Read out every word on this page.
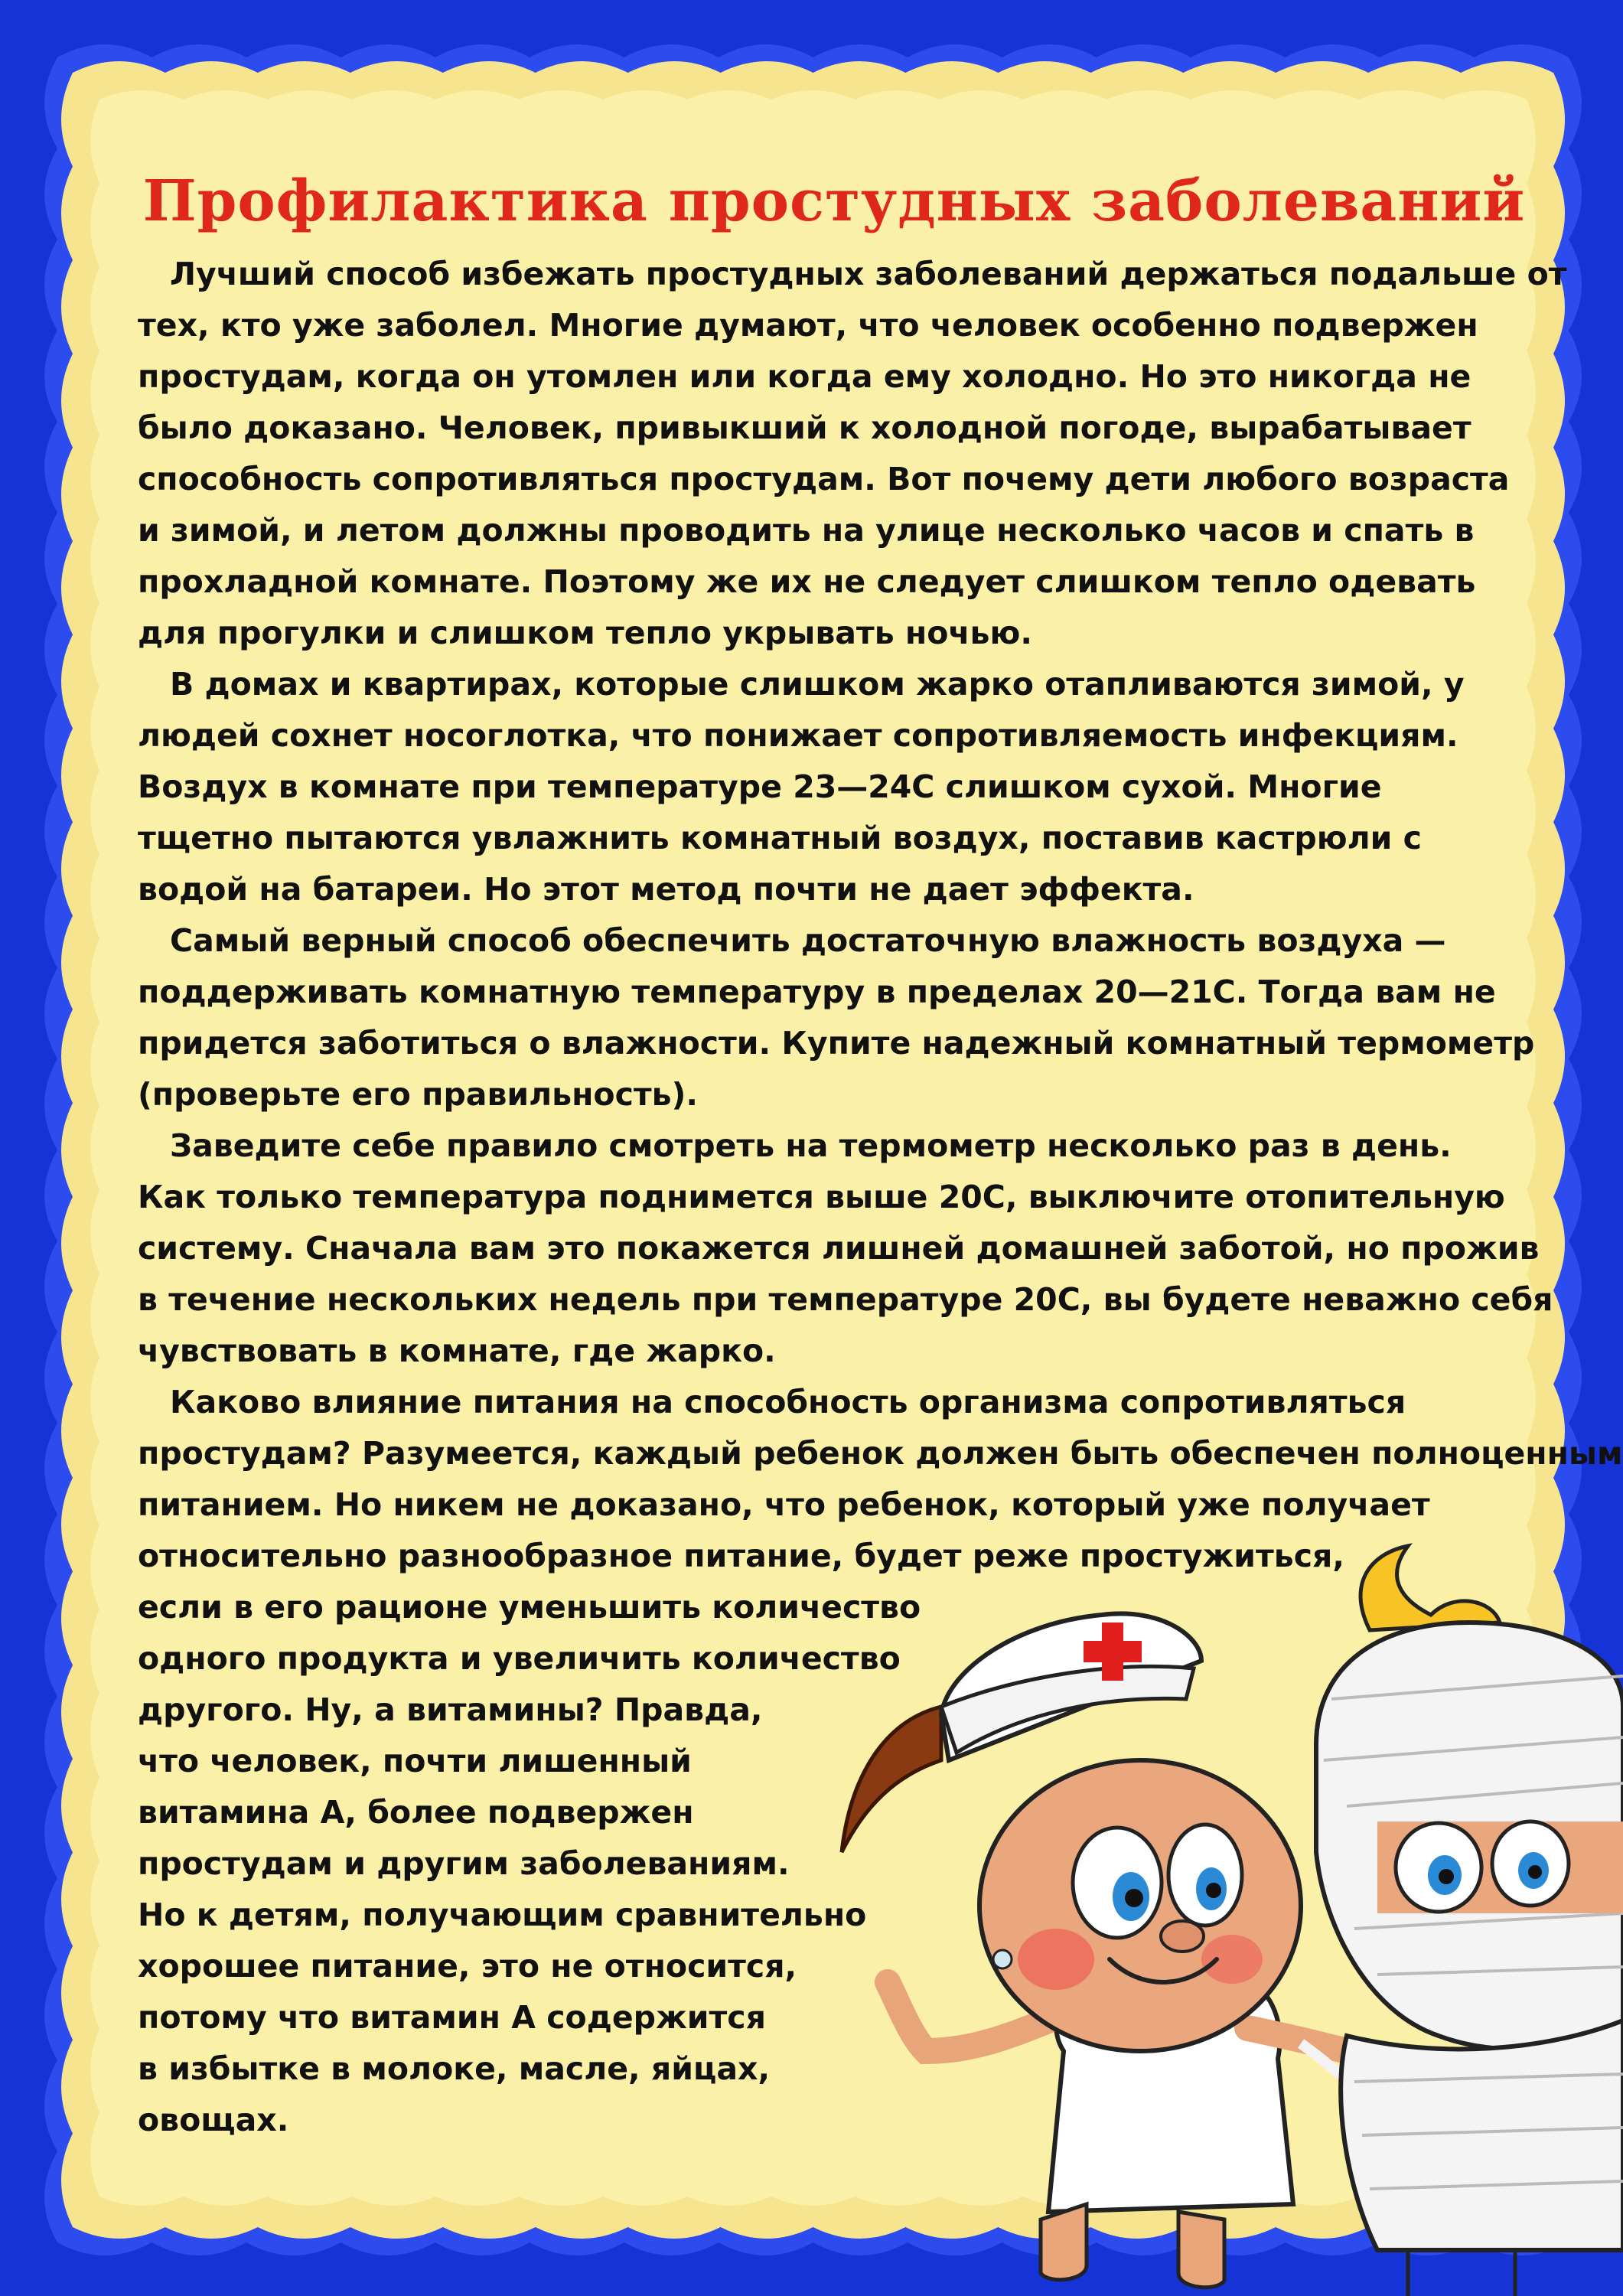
Профилактика простудных заболеваний
Лучший способ избежать простудных заболеваний держаться подальше от
тех, кто уже заболел. Многие думают, что человек особенно подвержен
простудам, когда он утомлен или когда ему холодно. Но это никогда не
было доказано. Человек, привыкший к холодной погоде, вырабатывает
способность сопротивляться простудам. Вот почему дети любого возраста
и зимой, и летом должны проводить на улице несколько часов и спать в
прохладной комнате. Поэтому же их не следует слишком тепло одевать
для прогулки и слишком тепло укрывать ночью.
В домах и квартирах, которые слишком жарко отапливаются зимой, у
людей сохнет носоглотка, что понижает сопротивляемость инфекциям.
Воздух в комнате при температуре 23—24С слишком сухой. Многие
тщетно пытаются увлажнить комнатный воздух, поставив кастрюли с
водой на батареи. Но этот метод почти не дает эффекта.
Самый верный способ обеспечить достаточную влажность воздуха —
поддерживать комнатную температуру в пределах 20—21С. Тогда вам не
придется заботиться о влажности. Купите надежный комнатный термометр
(проверьте его правильность).
Заведите себе правило смотреть на термометр несколько раз в день.
Как только температура поднимется выше 20С, выключите отопительную
систему. Сначала вам это покажется лишней домашней заботой, но прожив
в течение нескольких недель при температуре 20С, вы будете неважно себя
чувствовать в комнате, где жарко.
Каково влияние питания на способность организма сопротивляться
простудам? Разумеется, каждый ребенок должен быть обеспечен полноценным
питанием. Но никем не доказано, что ребенок, который уже получает
относительно разнообразное питание, будет реже простужиться,
если в его рационе уменьшить количество
одного продукта и увеличить количество
другого. Ну, а витамины? Правда,
что человек, почти лишенный
витамина А, более подвержен
простудам и другим заболеваниям.
Но к детям, получающим сравнительно
хорошее питание, это не относится,
потому что витамин А содержится
в избытке в молоке, масле, яйцах,
овощах.
